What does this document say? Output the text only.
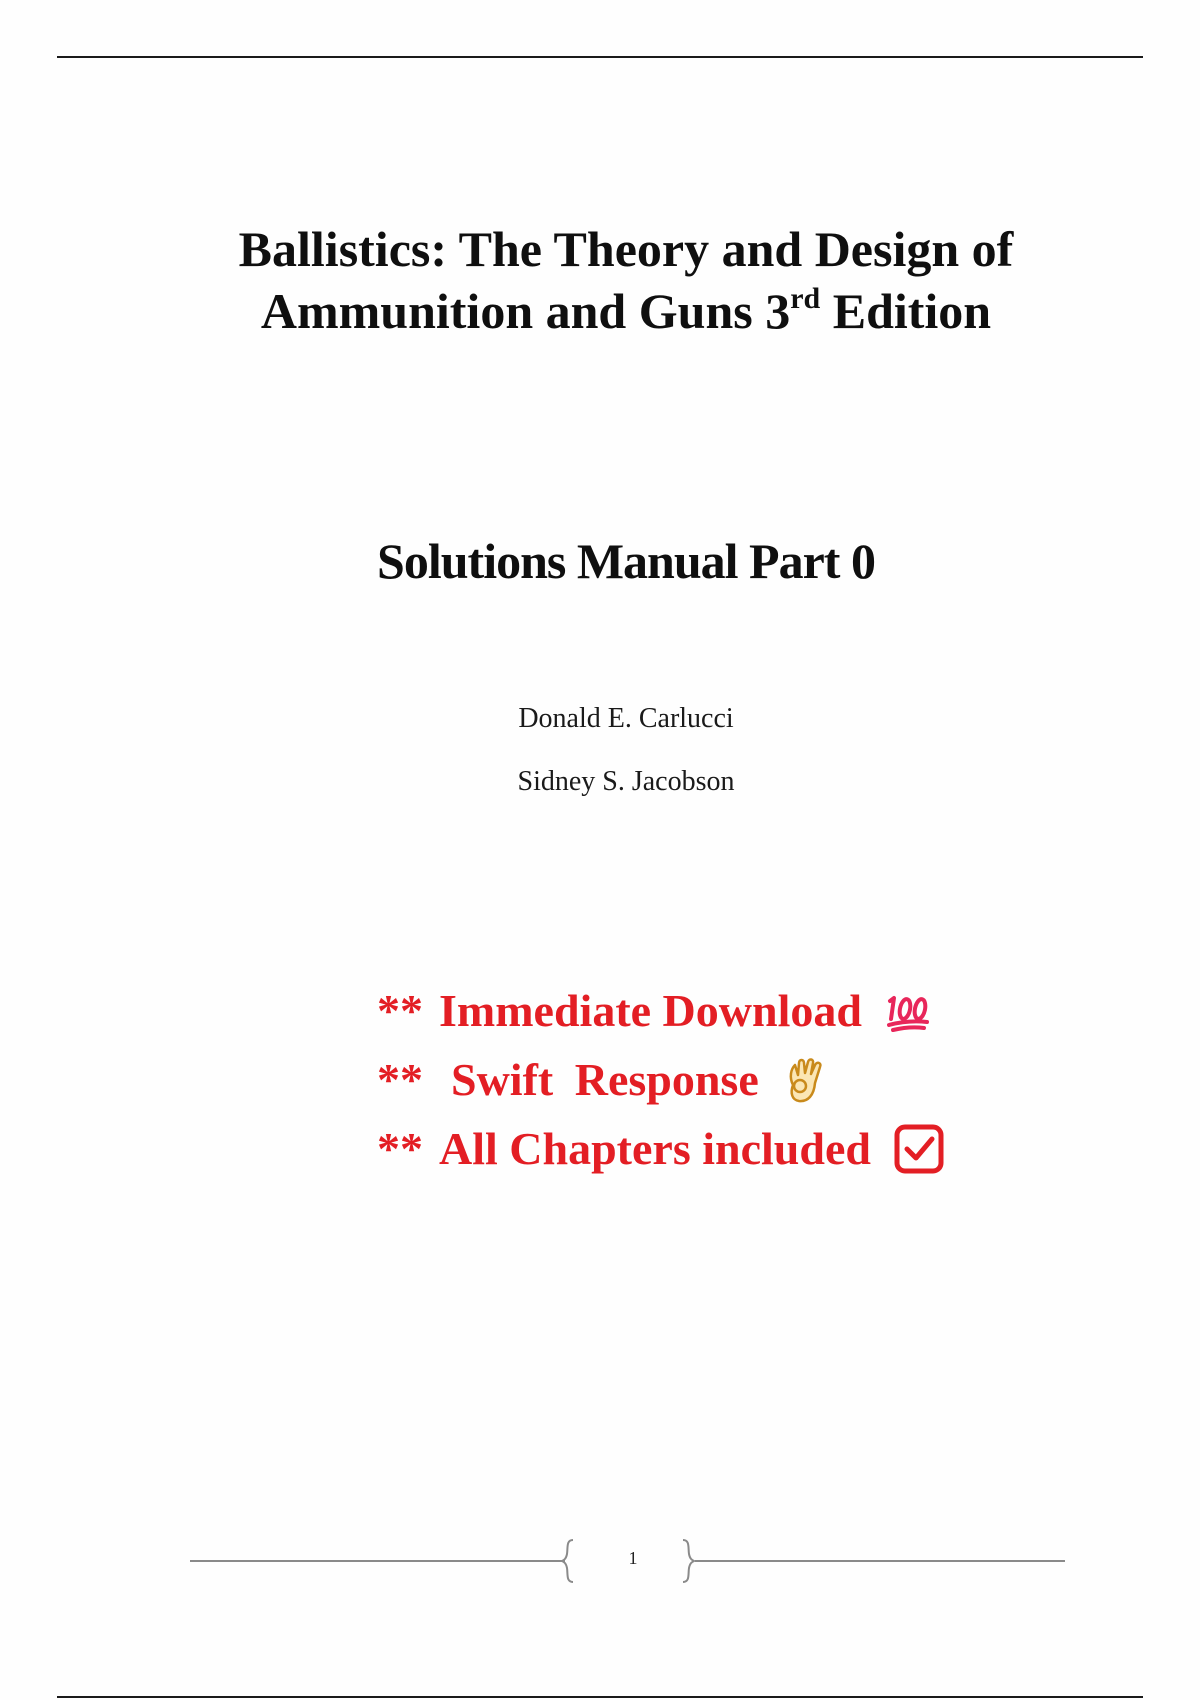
Ballistics: The Theory and Design of
Ammunition and Guns 3rd Edition
Solutions Manual Part 0
Donald E. Carlucci
Sidney S. Jacobson
** Immediate Download
** Swift Response
** All Chapters included
1
